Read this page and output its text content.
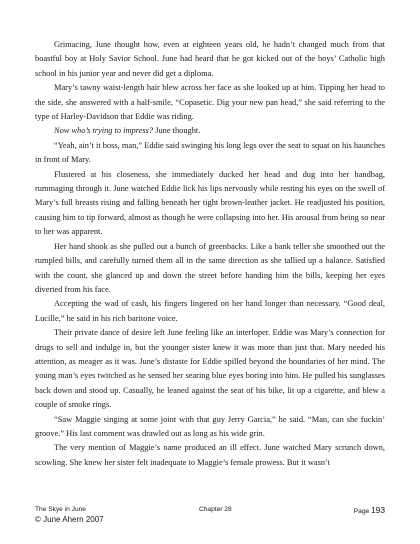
Grimacing, June thought how, even at eighteen years old, he hadn’t changed much from that boastful boy at Holy Savior School. June had heard that he got kicked out of the boys’ Catholic high school in his junior year and never did get a diploma.

Mary’s tawny waist-length hair blew across her face as she looked up at him. Tipping her head to the side, she answered with a half-smile, “Copasetic. Dig your new pan head,” she said referring to the type of Harley-Davidson that Eddie was riding.

Now who’s trying to impress? June thought.

“Yeah, ain’t it boss, man,” Eddie said swinging his long legs over the seat to squat on his haunches in front of Mary.

Flustered at his closeness, she immediately ducked her head and dug into her handbag, rummaging through it. June watched Eddie lick his lips nervously while resting his eyes on the swell of Mary’s full breasts rising and falling beneath her tight brown-leather jacket. He readjusted his position, causing him to tip forward, almost as though he were collapsing into her. His arousal from being so near to her was apparent.

Her hand shook as she pulled out a bunch of greenbacks. Like a bank teller she smoothed out the rumpled bills, and carefully turned them all in the same direction as she tallied up a balance. Satisfied with the count, she glanced up and down the street before handing him the bills, keeping her eyes diverted from his face.

Accepting the wad of cash, his fingers lingered on her hand longer than necessary. “Good deal, Lucille,” he said in his rich baritone voice.

Their private dance of desire left June feeling like an interloper. Eddie was Mary’s connection for drugs to sell and indulge in, but the younger sister knew it was more than just that. Mary needed his attention, as meager as it was. June’s distaste for Eddie spilled beyond the boundaries of her mind. The young man’s eyes twitched as he sensed her searing blue eyes boring into him. He pulled his sunglasses back down and stood up. Casually, he leaned against the seat of his bike, lit up a cigarette, and blew a couple of smoke rings.

“Saw Maggie singing at some joint with that guy Jerry Garcia,” he said. “Man, can she fuckin’ groove.” His last comment was drawled out as long as his wide grin.

The very mention of Maggie’s name produced an ill effect. June watched Mary scrunch down, scowling. She knew her sister felt inadequate to Maggie’s female prowess. But it wasn’t

The Skye in June	Chapter 28	Page 193
© June Ahern 2007
